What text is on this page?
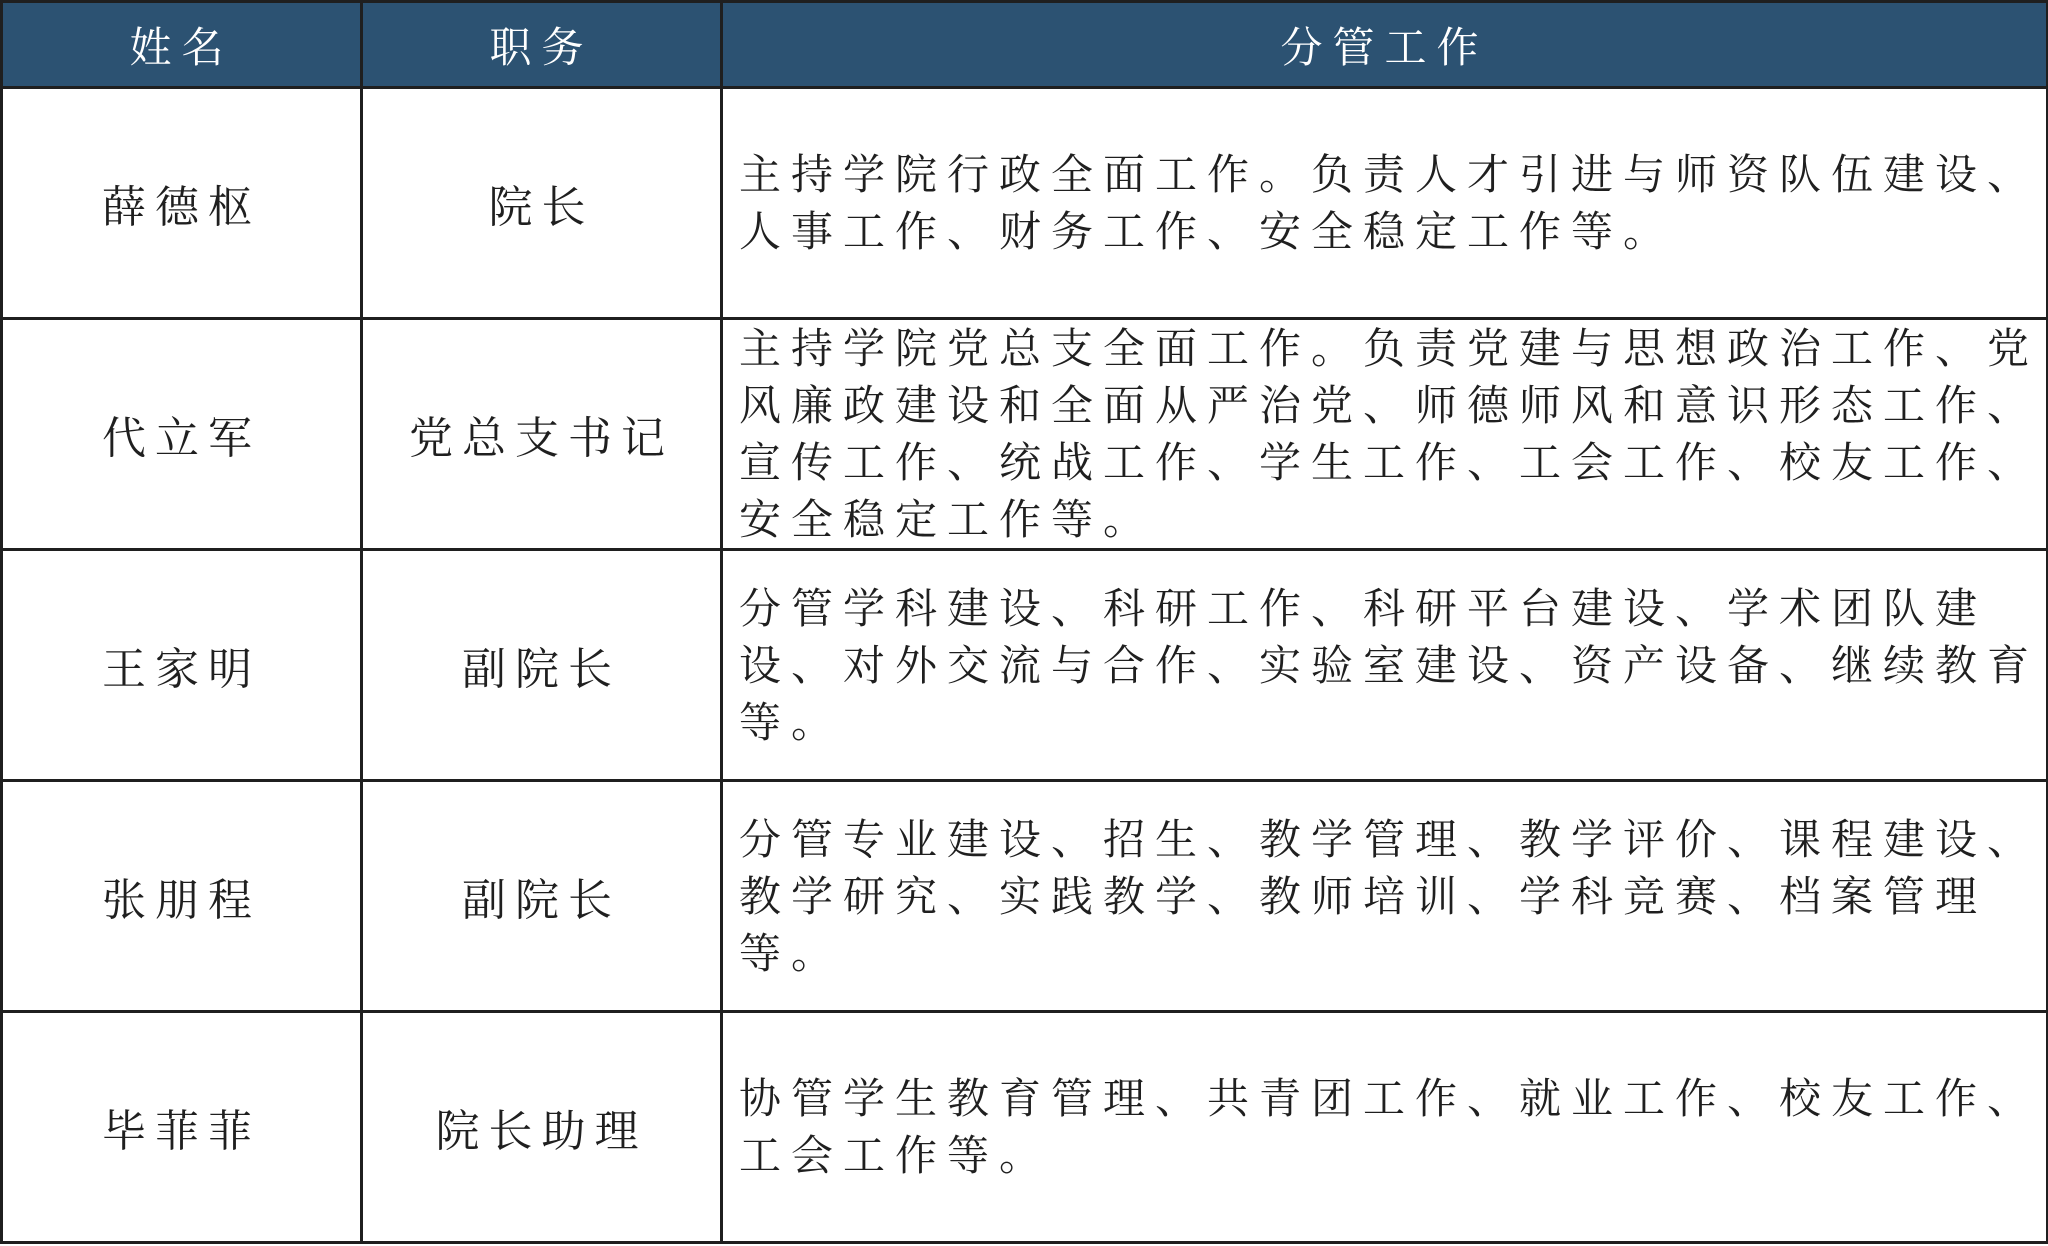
姓名	职务	分管工作
薛德枢	院长	主持学院行政全面工作。负责人才引进与师资队伍建设、人事工作、财务工作、安全稳定工作等。
代立军	党总支书记	主持学院党总支全面工作。负责党建与思想政治工作、党风廉政建设和全面从严治党、师德师风和意识形态工作、宣传工作、统战工作、学生工作、工会工作、校友工作、安全稳定工作等。
王家明	副院长	分管学科建设、科研工作、科研平台建设、学术团队建设、对外交流与合作、实验室建设、资产设备、继续教育等。
张朋程	副院长	分管专业建设、招生、教学管理、教学评价、课程建设、教学研究、实践教学、教师培训、学科竞赛、档案管理等。
毕菲菲	院长助理	协管学生教育管理、共青团工作、就业工作、校友工作、工会工作等。
